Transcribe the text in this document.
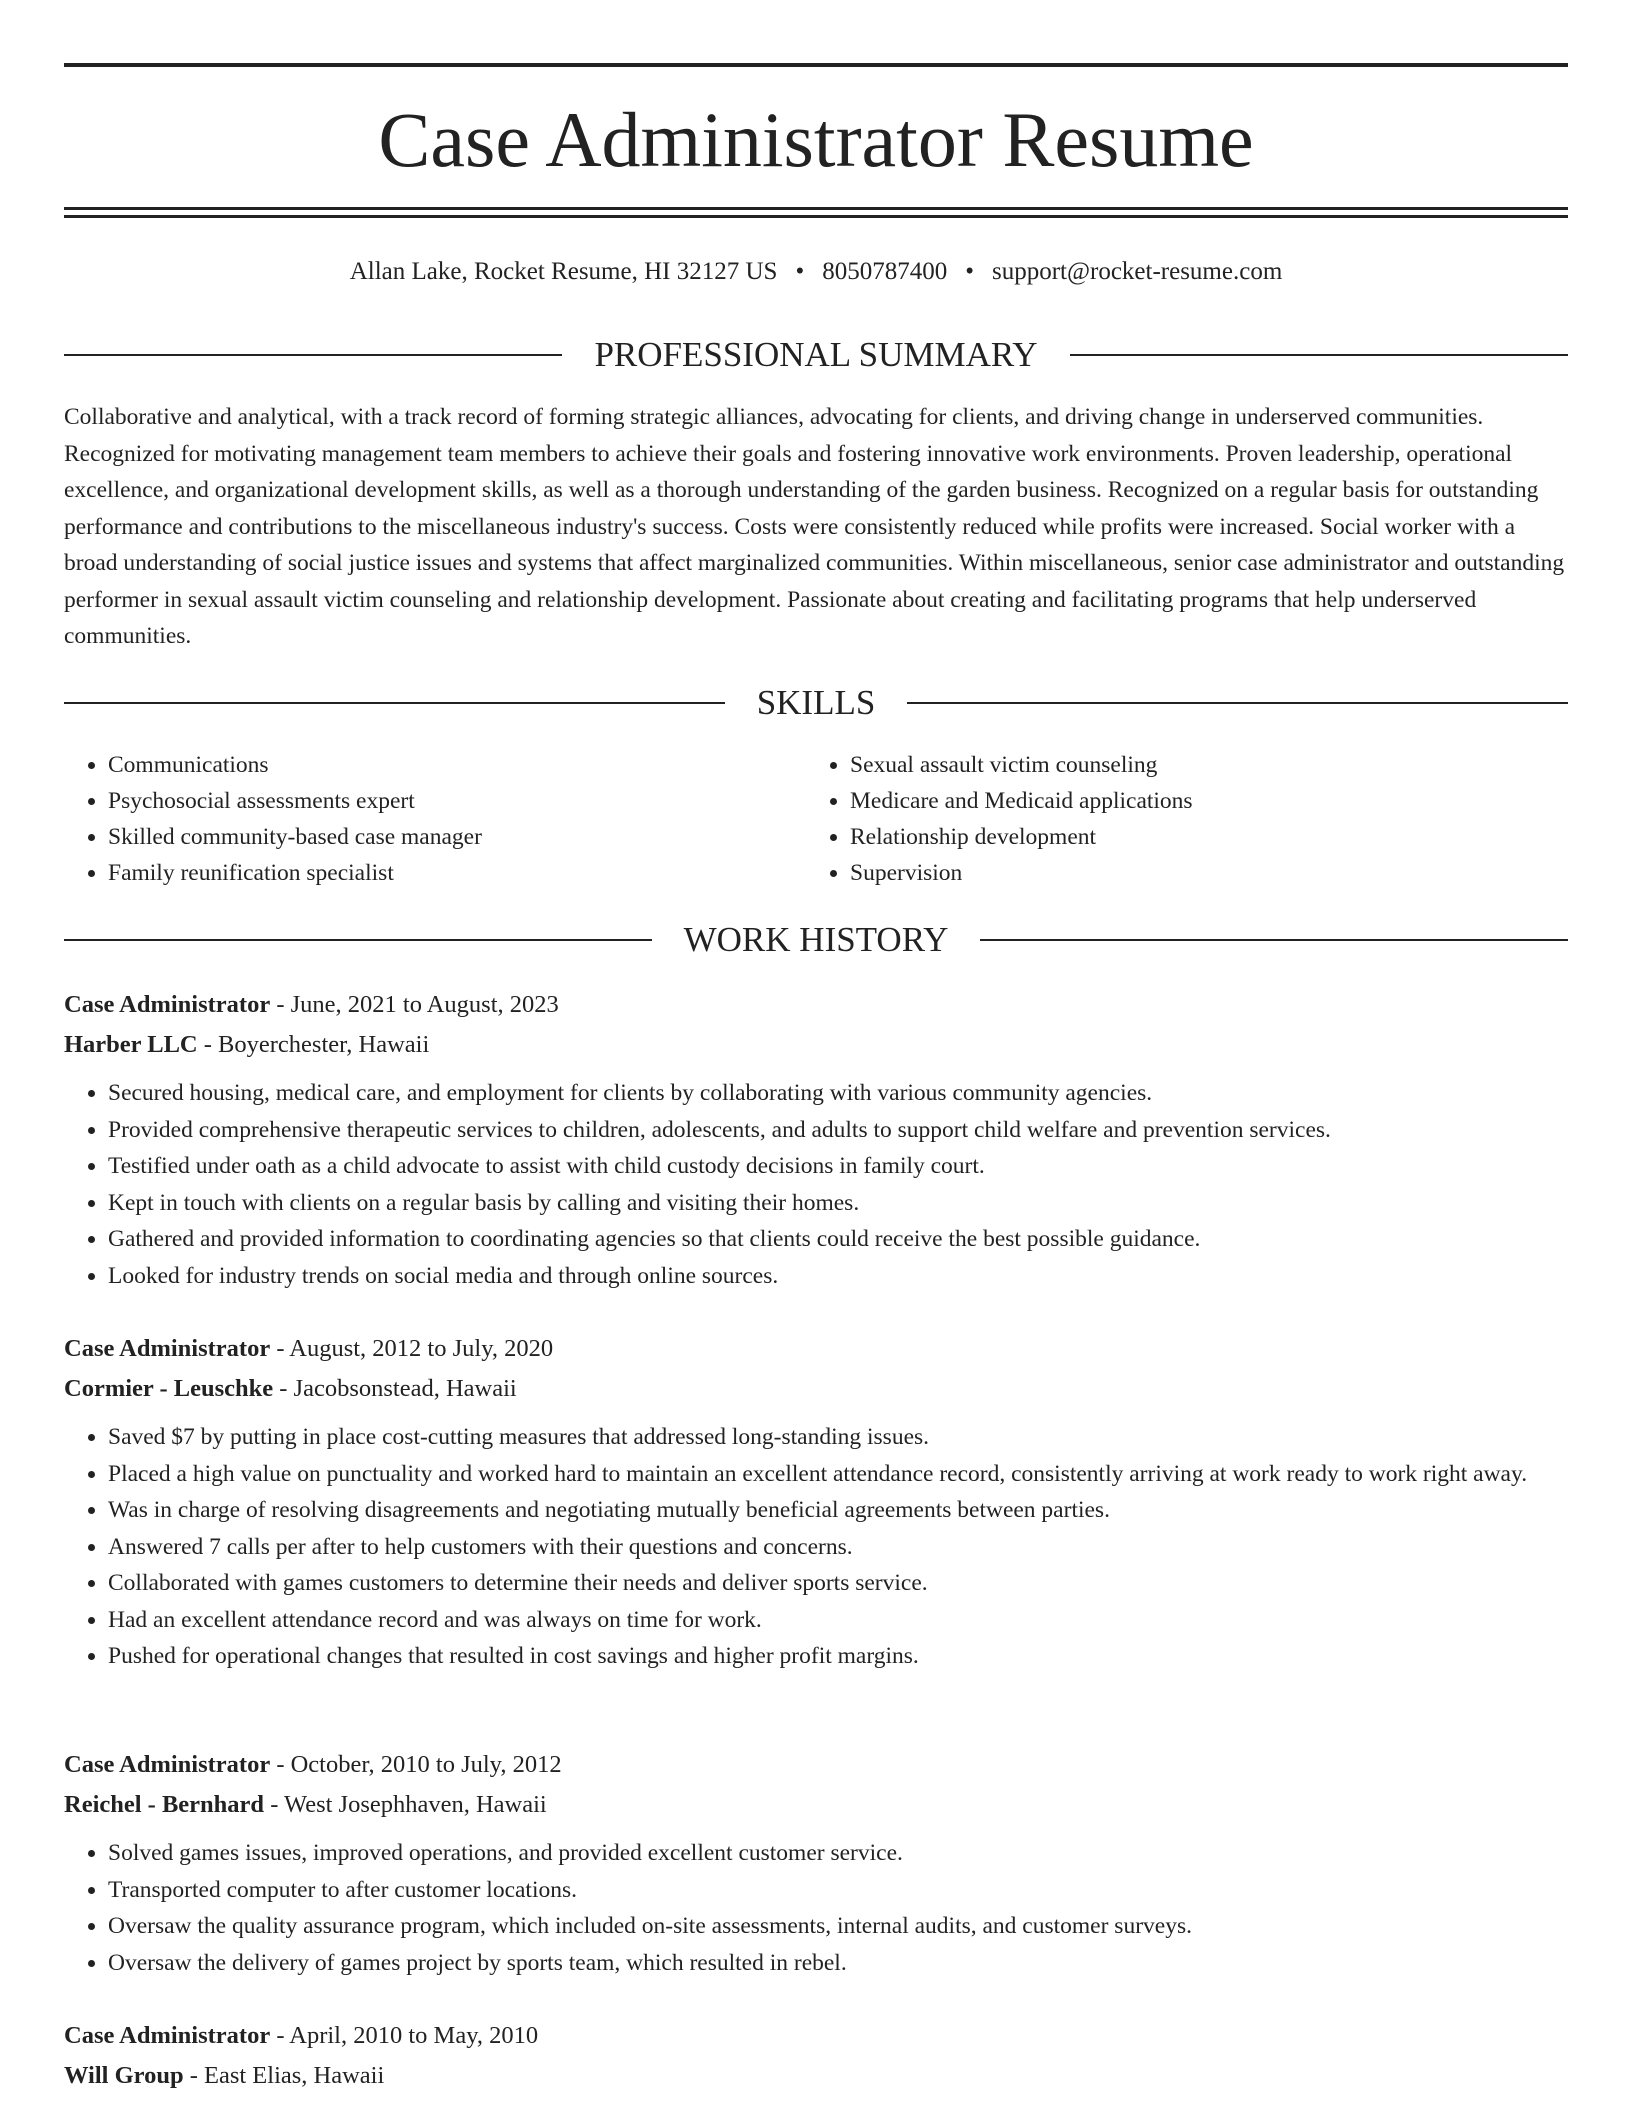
Case Administrator Resume
Allan Lake, Rocket Resume, HI 32127 US • 8050787400 • support@rocket-resume.com
PROFESSIONAL SUMMARY

Collaborative and analytical, with a track record of forming strategic alliances, advocating for clients, and driving change in underserved communities. Recognized for motivating management team members to achieve their goals and fostering innovative work environments. Proven leadership, operational excellence, and organizational development skills, as well as a thorough understanding of the garden business. Recognized on a regular basis for outstanding performance and contributions to the miscellaneous industry's success. Costs were consistently reduced while profits were increased. Social worker with a broad understanding of social justice issues and systems that affect marginalized communities. Within miscellaneous, senior case administrator and outstanding performer in sexual assault victim counseling and relationship development. Passionate about creating and facilitating programs that help underserved communities.

SKILLS
• Communications
• Psychosocial assessments expert
• Skilled community-based case manager
• Family reunification specialist
• Sexual assault victim counseling
• Medicare and Medicaid applications
• Relationship development
• Supervision
WORK HISTORY

Case Administrator - June, 2021 to August, 2023

Harber LLC - Boyerchester, Hawaii

• Secured housing, medical care, and employment for clients by collaborating with various community agencies.
• Provided comprehensive therapeutic services to children, adolescents, and adults to support child welfare and prevention services.
• Testified under oath as a child advocate to assist with child custody decisions in family court.
• Kept in touch with clients on a regular basis by calling and visiting their homes.
• Gathered and provided information to coordinating agencies so that clients could receive the best possible guidance.
• Looked for industry trends on social media and through online sources.

Case Administrator - August, 2012 to July, 2020

Cormier - Leuschke - Jacobsonstead, Hawaii

• Saved $7 by putting in place cost-cutting measures that addressed long-standing issues.
• Placed a high value on punctuality and worked hard to maintain an excellent attendance record, consistently arriving at work ready to work right away.
• Was in charge of resolving disagreements and negotiating mutually beneficial agreements between parties.
• Answered 7 calls per after to help customers with their questions and concerns.
• Collaborated with games customers to determine their needs and deliver sports service.
• Had an excellent attendance record and was always on time for work.
• Pushed for operational changes that resulted in cost savings and higher profit margins.

Case Administrator - October, 2010 to July, 2012

Reichel - Bernhard - West Josephhaven, Hawaii

• Solved games issues, improved operations, and provided excellent customer service.
• Transported computer to after customer locations.
• Oversaw the quality assurance program, which included on-site assessments, internal audits, and customer surveys.
• Oversaw the delivery of games project by sports team, which resulted in rebel.

Case Administrator - April, 2010 to May, 2010

Will Group - East Elias, Hawaii
